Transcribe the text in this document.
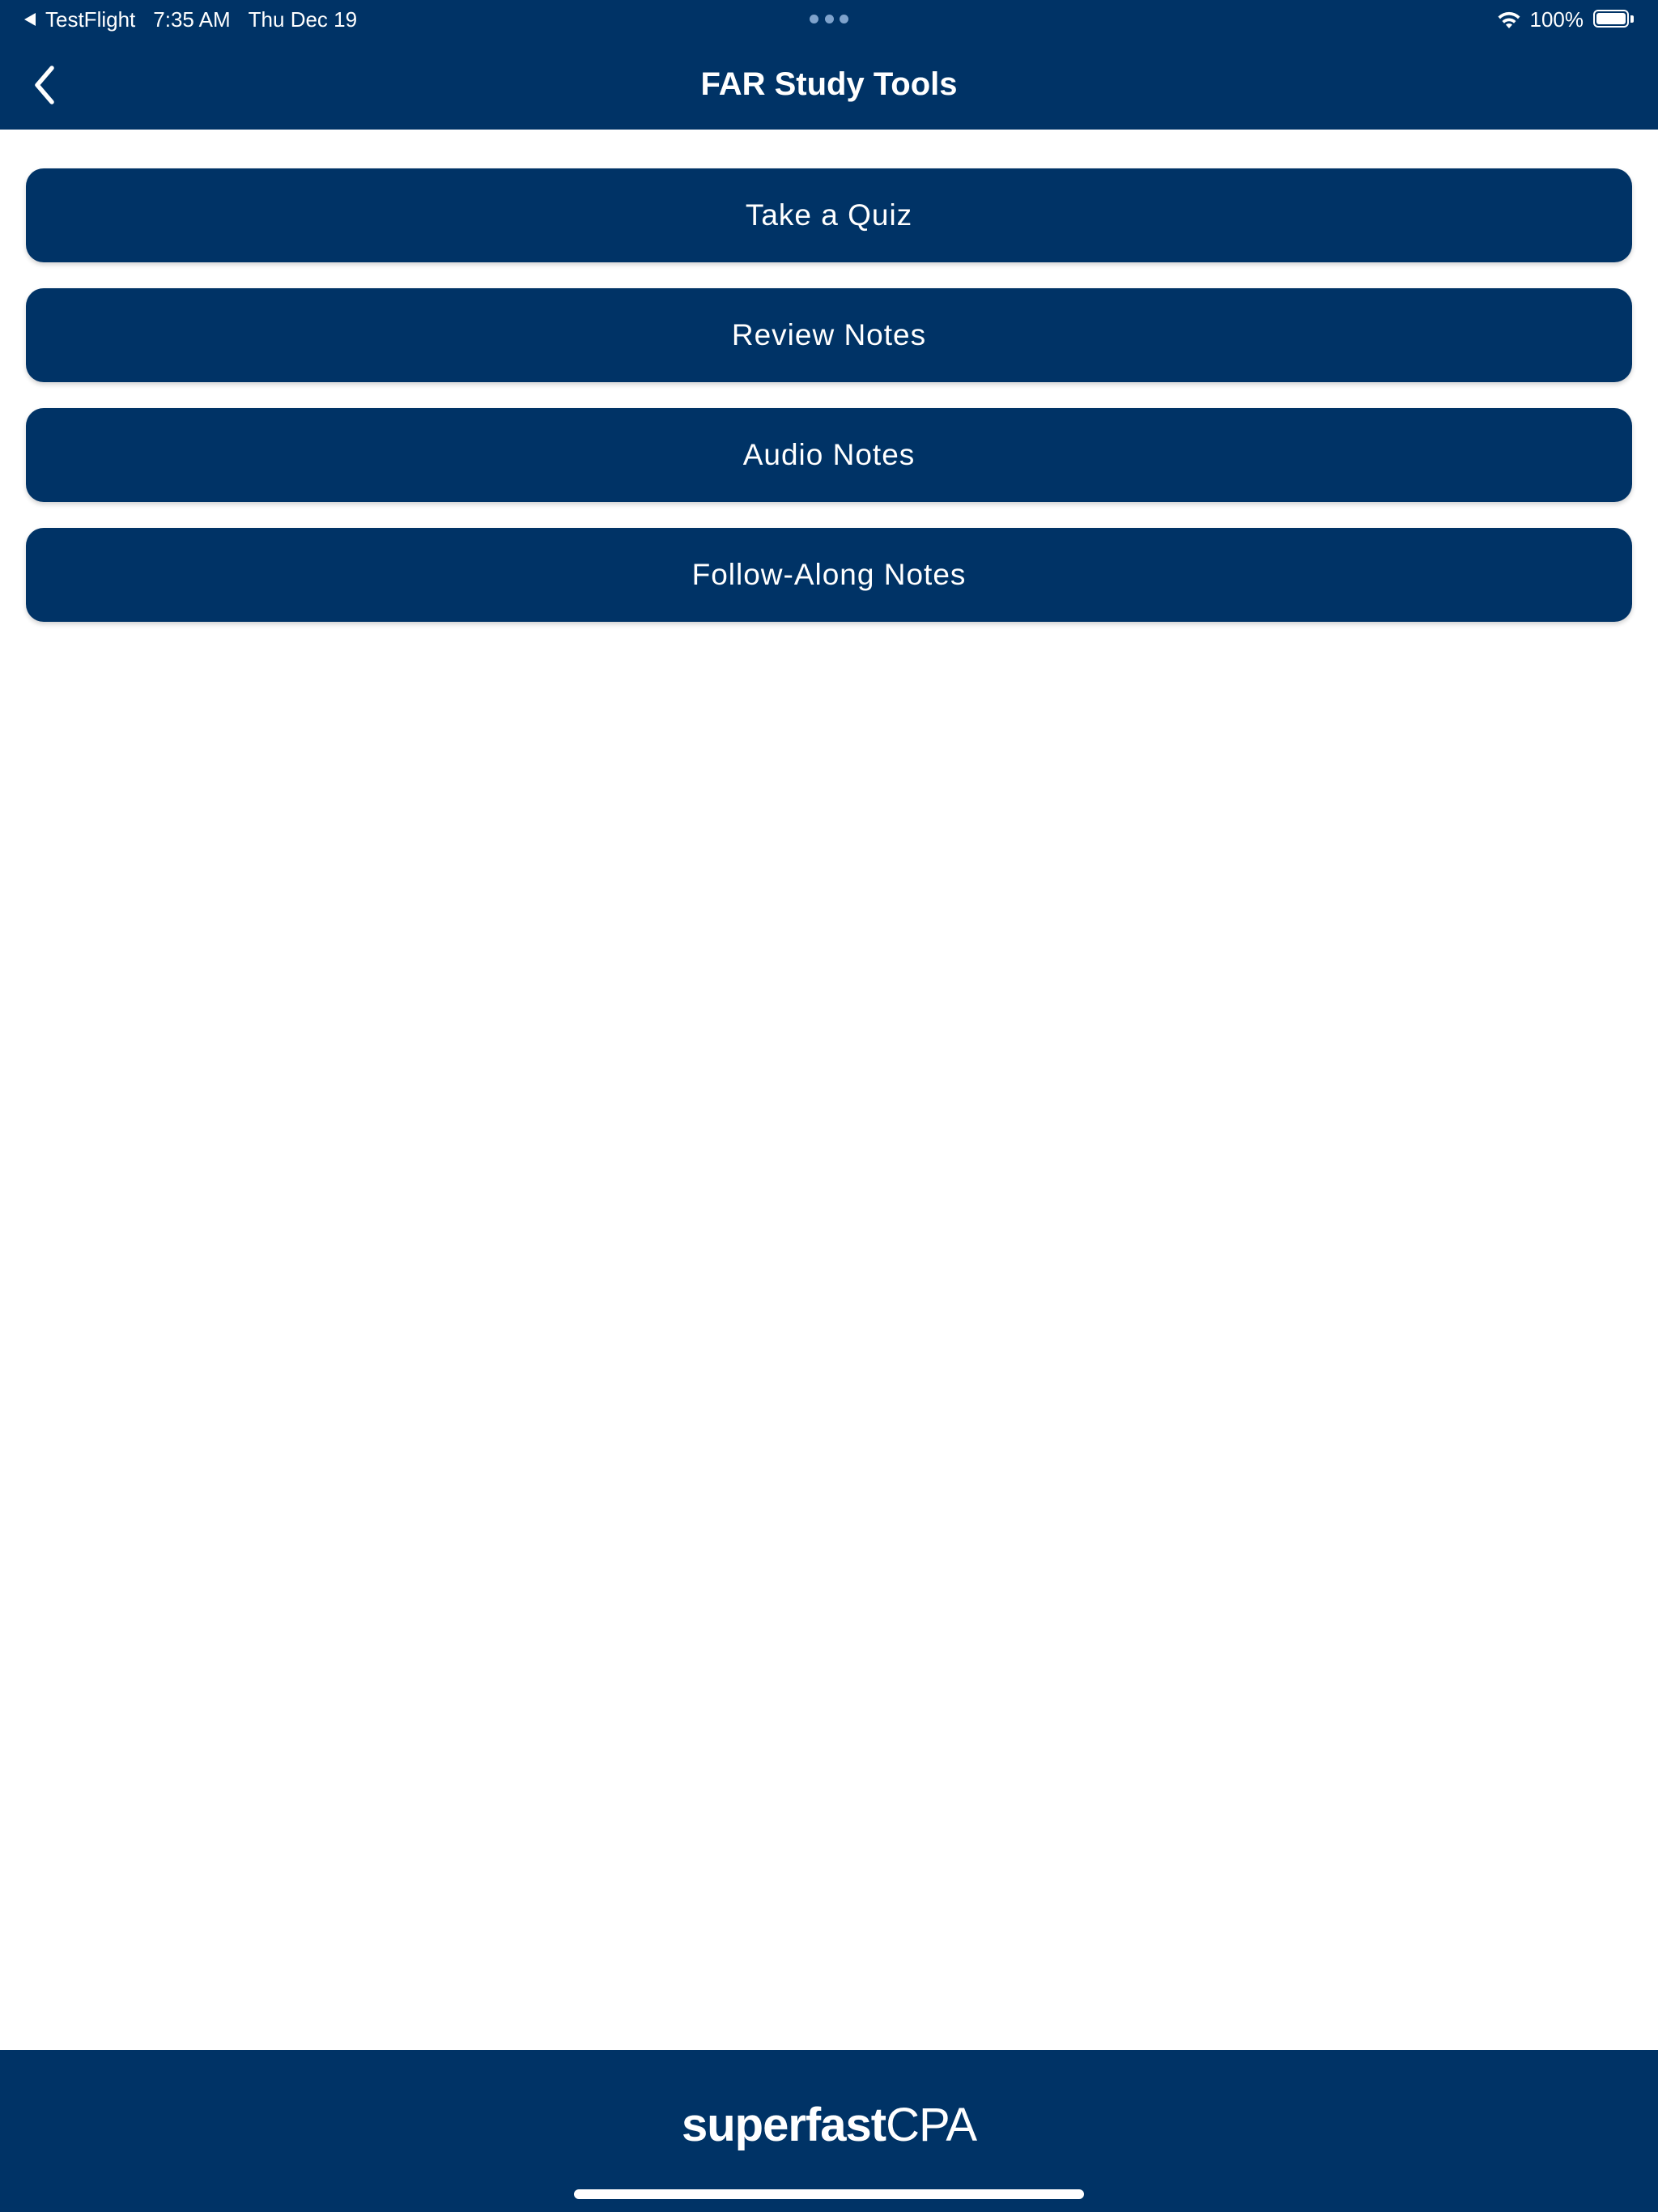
TestFlight 7:35 AM Thu Dec 19	100%
FAR Study Tools
Take a Quiz
Review Notes
Audio Notes
Follow-Along Notes
superfastCPA
